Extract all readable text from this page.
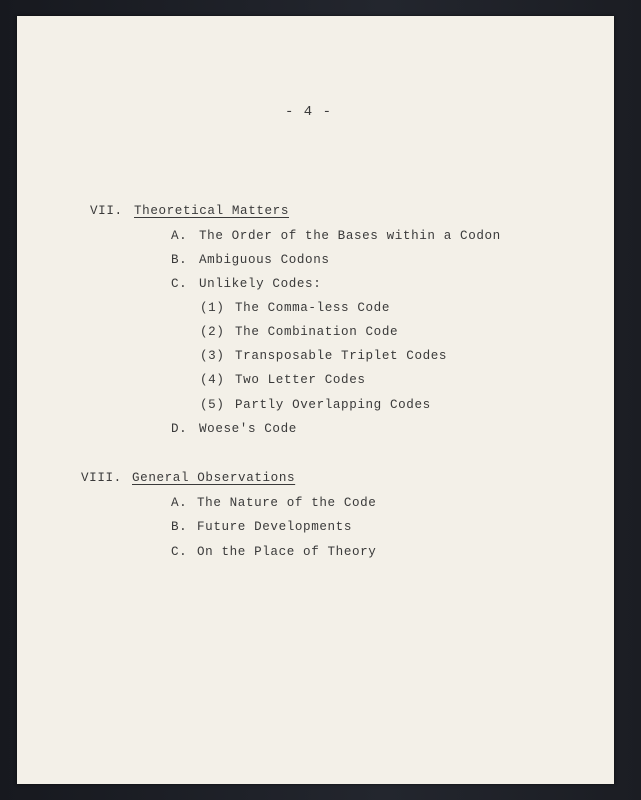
- 4 -
VII. Theoretical Matters
A. The Order of the Bases within a Codon
B. Ambiguous Codons
C. Unlikely Codes:
(1) The Comma-less Code
(2) The Combination Code
(3) Transposable Triplet Codes
(4) Two Letter Codes
(5) Partly Overlapping Codes
D. Woese's Code
VIII. General Observations
A. The Nature of the Code
B. Future Developments
C. On the Place of Theory
